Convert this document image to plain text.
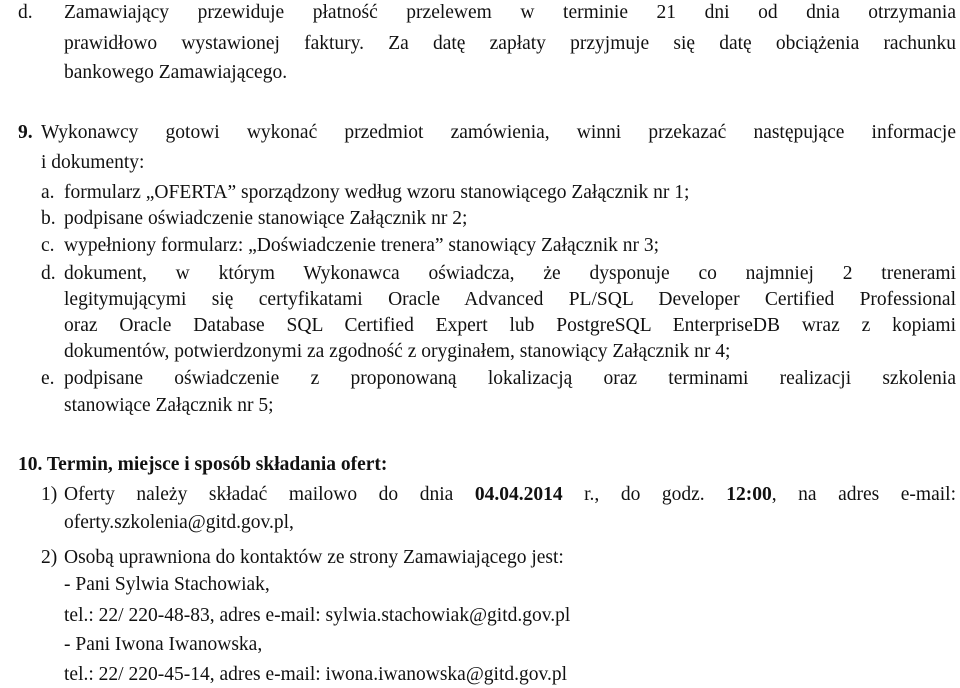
d. Zamawiający przewiduje płatność przelewem w terminie 21 dni od dnia otrzymania
prawidłowo wystawionej faktury. Za datę zapłaty przyjmuje się datę obciążenia rachunku
bankowego Zamawiającego.
9. Wykonawcy gotowi wykonać przedmiot zamówienia, winni przekazać następujące informacje
i dokumenty:
a. formularz „OFERTA” sporządzony według wzoru stanowiącego Załącznik nr 1;
b. podpisane oświadczenie stanowiące Załącznik nr 2;
c. wypełniony formularz: „Doświadczenie trenera” stanowiący Załącznik nr 3;
d. dokument, w którym Wykonawca oświadcza, że dysponuje co najmniej 2 trenerami
legitymującymi się certyfikatami Oracle Advanced PL/SQL Developer Certified Professional
oraz Oracle Database SQL Certified Expert lub PostgreSQL EnterpriseDB wraz z kopiami
dokumentów, potwierdzonymi za zgodność z oryginałem, stanowiący Załącznik nr 4;
e. podpisane oświadczenie z proponowaną lokalizacją oraz terminami realizacji szkolenia
stanowiące Załącznik nr 5;
10. Termin, miejsce i sposób składania ofert:
1) Oferty należy składać mailowo do dnia 04.04.2014 r., do godz. 12:00, na adres e-mail:
oferty.szkolenia@gitd.gov.pl,
2) Osobą uprawniona do kontaktów ze strony Zamawiającego jest:
- Pani Sylwia Stachowiak,
tel.: 22/ 220-48-83, adres e-mail: sylwia.stachowiak@gitd.gov.pl
- Pani Iwona Iwanowska,
tel.: 22/ 220-45-14, adres e-mail: iwona.iwanowska@gitd.gov.pl
